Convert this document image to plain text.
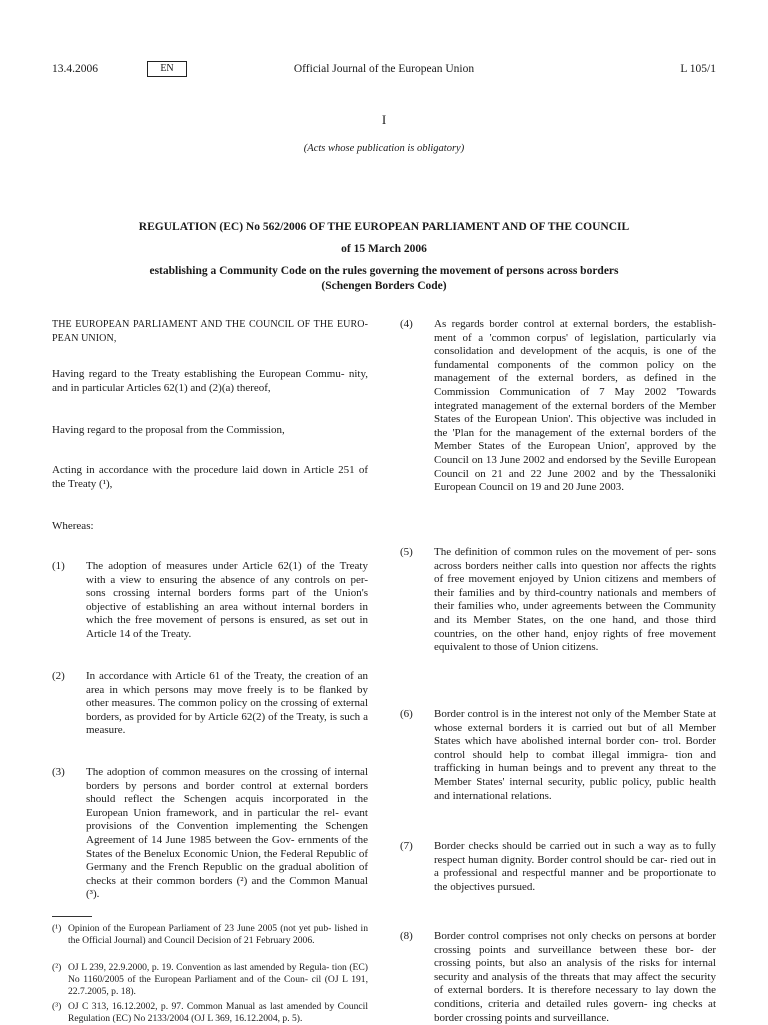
13.4.2006	EN	Official Journal of the European Union	L 105/1
I
(Acts whose publication is obligatory)
REGULATION (EC) No 562/2006 OF THE EUROPEAN PARLIAMENT AND OF THE COUNCIL
of 15 March 2006
establishing a Community Code on the rules governing the movement of persons across borders
(Schengen Borders Code)

THE EUROPEAN PARLIAMENT AND THE COUNCIL OF THE EURO- PEAN UNION,

Having regard to the Treaty establishing the European Commu- nity, and in particular Articles 62(1) and (2)(a) thereof,

Having regard to the proposal from the Commission,

Acting in accordance with the procedure laid down in Article 251 of the Treaty (¹),

Whereas:

(1) The adoption of measures under Article 62(1) of the Treaty with a view to ensuring the absence of any controls on per- sons crossing internal borders forms part of the Union's objective of establishing an area without internal borders in which the free movement of persons is ensured, as set out in Article 14 of the Treaty.

(2) In accordance with Article 61 of the Treaty, the creation of an area in which persons may move freely is to be flanked by other measures. The common policy on the crossing of external borders, as provided for by Article 62(2) of the Treaty, is such a measure.

(3) The adoption of common measures on the crossing of internal borders by persons and border control at external borders should reflect the Schengen acquis incorporated in the European Union framework, and in particular the rel- evant provisions of the Convention implementing the Schengen Agreement of 14 June 1985 between the Gov- ernments of the States of the Benelux Economic Union, the Federal Republic of Germany and the French Republic on the gradual abolition of checks at their common borders (²) and the Common Manual (³).

(4) As regards border control at external borders, the establish- ment of a 'common corpus' of legislation, particularly via consolidation and development of the acquis, is one of the fundamental components of the common policy on the management of the external borders, as defined in the Commission Communication of 7 May 2002 'Towards integrated management of the external borders of the Member States of the European Union'. This objective was included in the 'Plan for the management of the external borders of the Member States of the European Union', approved by the Council on 13 June 2002 and endorsed by the Seville European Council on 21 and 22 June 2002 and by the Thessaloniki European Council on 19 and 20 June 2003.

(5) The definition of common rules on the movement of per- sons across borders neither calls into question nor affects the rights of free movement enjoyed by Union citizens and members of their families and by third-country nationals and members of their families who, under agreements between the Community and its Member States, on the one hand, and those third countries, on the other hand, enjoy rights of free movement equivalent to those of Union citizens.

(6) Border control is in the interest not only of the Member State at whose external borders it is carried out but of all Member States which have abolished internal border con- trol. Border control should help to combat illegal immigra- tion and trafficking in human beings and to prevent any threat to the Member States' internal security, public policy, public health and international relations.

(7) Border checks should be carried out in such a way as to fully respect human dignity. Border control should be car- ried out in a professional and respectful manner and be proportionate to the objectives pursued.

(8) Border control comprises not only checks on persons at border crossing points and surveillance between these bor- der crossing points, but also an analysis of the risks for internal security and analysis of the threats that may affect the security of external borders. It is therefore necessary to lay down the conditions, criteria and detailed rules govern- ing checks at border crossing points and surveillance.

(¹) Opinion of the European Parliament of 23 June 2005 (not yet pub- lished in the Official Journal) and Council Decision of 21 February 2006.

(²) OJ L 239, 22.9.2000, p. 19. Convention as last amended by Regula- tion (EC) No 1160/2005 of the European Parliament and of the Coun- cil (OJ L 191, 22.7.2005, p. 18).

(³) OJ C 313, 16.12.2002, p. 97. Common Manual as last amended by Council Regulation (EC) No 2133/2004 (OJ L 369, 16.12.2004, p. 5).
